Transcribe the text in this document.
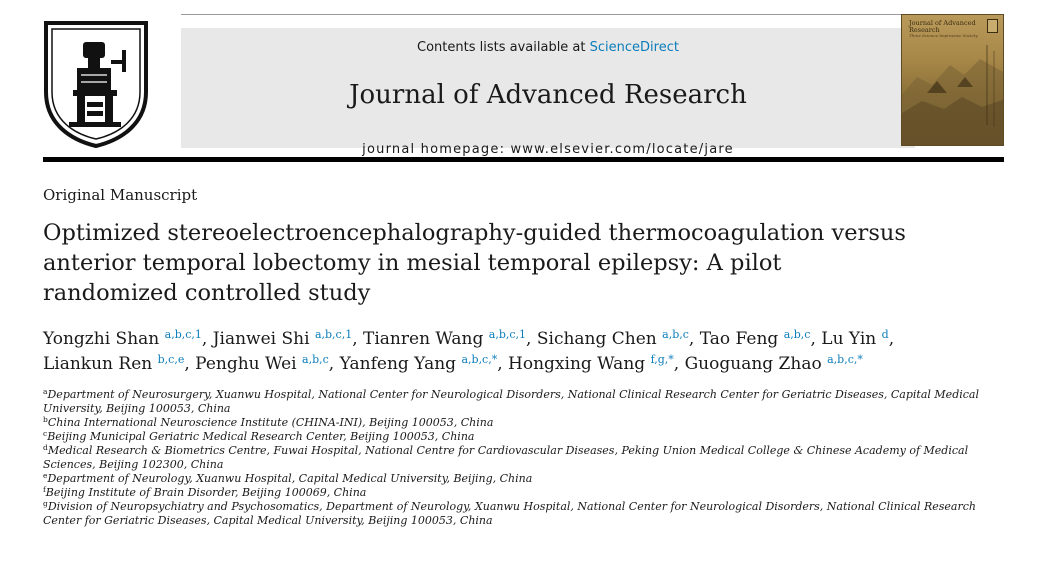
Contents lists available at ScienceDirect
Journal of Advanced Research
journal homepage: www.elsevier.com/locate/jare
Journal of Advanced Research
Three Science Impressive Society
Original Manuscript
Optimized stereoelectroencephalography-guided thermocoagulation versus anterior temporal lobectomy in mesial temporal epilepsy: A pilot randomized controlled study
Yongzhi Shan $^{a,b,c,1}$, Jianwei Shi $^{a,b,c,1}$, Tianren Wang $^{a,b,c,1}$, Sichang Chen $^{a,b,c}$, Tao Feng $^{a,b,c}$, Lu Yin $^d$, Liankun Ren $^{b,c,e}$, Penghu Wei $^{a,b,c}$, Yanfeng Yang $^{a,b,c,*}$, Hongxing Wang $^{f,g,*}$, Guoguang Zhao $^{a,b,c,*}$
$^a$Department of Neurosurgery, Xuanwu Hospital, National Center for Neurological Disorders, National Clinical Research Center for Geriatric Diseases, Capital Medical University, Beijing 100053, China
$^b$China International Neuroscience Institute (CHINA-INI), Beijing 100053, China
$^c$Beijing Municipal Geriatric Medical Research Center, Beijing 100053, China
$^d$Medical Research & Biometrics Centre, Fuwai Hospital, National Centre for Cardiovascular Diseases, Peking Union Medical College & Chinese Academy of Medical Sciences, Beijing 102300, China
$^e$Department of Neurology, Xuanwu Hospital, Capital Medical University, Beijing, China
$^f$Beijing Institute of Brain Disorder, Beijing 100069, China
$^g$Division of Neuropsychiatry and Psychosomatics, Department of Neurology, Xuanwu Hospital, National Center for Neurological Disorders, National Clinical Research Center for Geriatric Diseases, Capital Medical University, Beijing 100053, China
